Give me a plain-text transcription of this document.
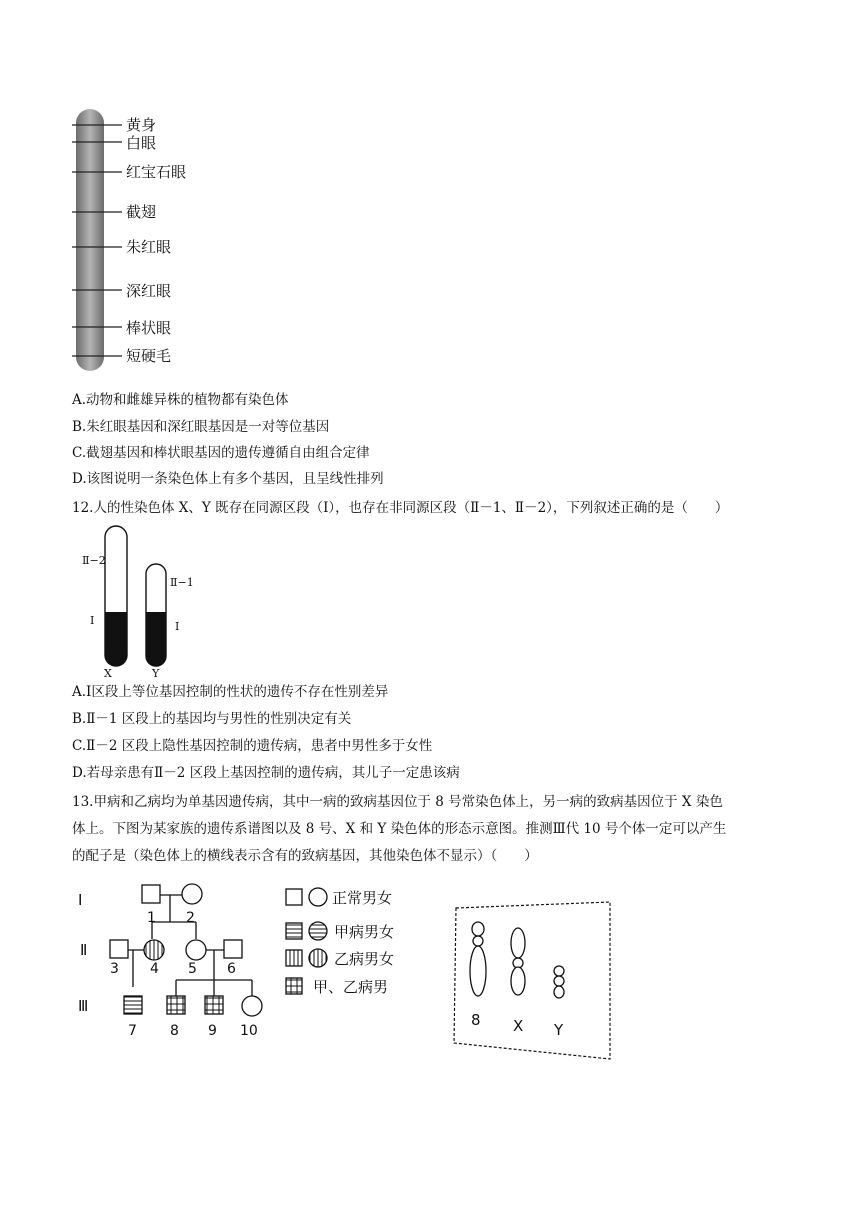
黄身
白眼
红宝石眼
截翅
朱红眼
深红眼
棒状眼
短硬毛
A.动物和雌雄异株的植物都有染色体
B.朱红眼基因和深红眼基因是一对等位基因
C.截翅基因和棒状眼基因的遗传遵循自由组合定律
D.该图说明一条染色体上有多个基因，且呈线性排列
12.人的性染色体 X、Y 既存在同源区段（Ⅰ），也存在非同源区段（Ⅱ－1、Ⅱ－2），下列叙述正确的是（　　）
Ⅱ−2
Ⅰ
Ⅱ−1
Ⅰ
X	Y
A.Ⅰ区段上等位基因控制的性状的遗传不存在性别差异
B.Ⅱ－1 区段上的基因均与男性的性别决定有关
C.Ⅱ－2 区段上隐性基因控制的遗传病，患者中男性多于女性
D.若母亲患有Ⅱ－2 区段上基因控制的遗传病，其儿子一定患该病
13.甲病和乙病均为单基因遗传病，其中一病的致病基因位于 8 号常染色体上，另一病的致病基因位于 X 染色
体上。下图为某家族的遗传系谱图以及 8 号、X 和 Y 染色体的形态示意图。推测Ⅲ代 10 号个体一定可以产生
的配子是（染色体上的横线表示含有的致病基因，其他染色体不显示）（　　）
Ⅰ
Ⅱ
Ⅲ
1 2
3 4 5 6
7 8 9 10
正常男女
甲病男女
乙病男女
甲、乙病男
8 X Y
